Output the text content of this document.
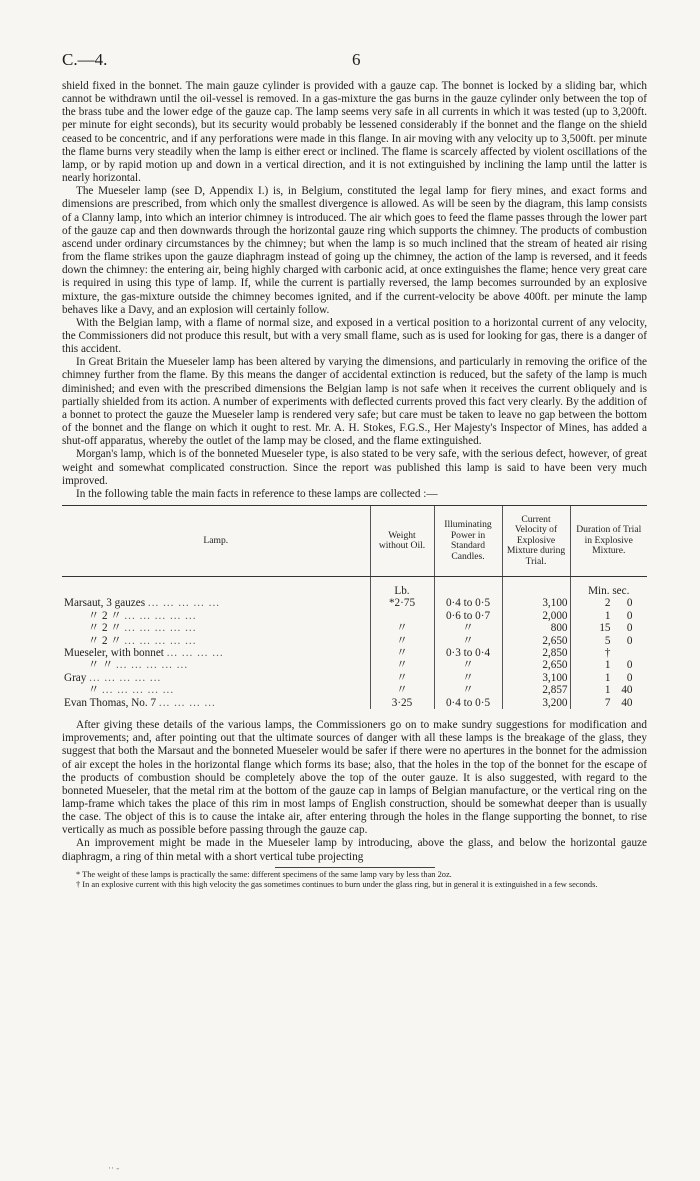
C.—4.	6

shield fixed in the bonnet. The main gauze cylinder is provided with a gauze cap. The bonnet is locked by a sliding bar, which cannot be withdrawn until the oil-vessel is removed. In a gas-mixture the gas burns in the gauze cylinder only between the top of the brass tube and the lower edge of the gauze cap. The lamp seems very safe in all currents in which it was tested (up to 3,200ft. per minute for eight seconds), but its security would probably be lessened considerably if the bonnet and the flange on the shield ceased to be concentric, and if any perforations were made in this flange. In air moving with any velocity up to 3,500ft. per minute the flame burns very steadily when the lamp is either erect or inclined. The flame is scarcely affected by violent oscillations of the lamp, or by rapid motion up and down in a vertical direction, and it is not extinguished by inclining the lamp until the latter is nearly horizontal.

The Mueseler lamp (see D, Appendix I.) is, in Belgium, constituted the legal lamp for fiery mines, and exact forms and dimensions are prescribed, from which only the smallest divergence is allowed. As will be seen by the diagram, this lamp consists of a Clanny lamp, into which an interior chimney is introduced. The air which goes to feed the flame passes through the lower part of the gauze cap and then downwards through the horizontal gauze ring which supports the chimney. The products of combustion ascend under ordinary circumstances by the chimney; but when the lamp is so much inclined that the stream of heated air rising from the flame strikes upon the gauze diaphragm instead of going up the chimney, the action of the lamp is reversed, and it feeds down the chimney: the entering air, being highly charged with carbonic acid, at once extinguishes the flame; hence very great care is required in using this type of lamp. If, while the current is partially reversed, the lamp becomes surrounded by an explosive mixture, the gas-mixture outside the chimney becomes ignited, and if the current-velocity be above 400ft. per minute the lamp behaves like a Davy, and an explosion will certainly follow.

With the Belgian lamp, with a flame of normal size, and exposed in a vertical position to a horizontal current of any velocity, the Commissioners did not produce this result, but with a very small flame, such as is used for looking for gas, there is a danger of this accident.

In Great Britain the Mueseler lamp has been altered by varying the dimensions, and particularly in removing the orifice of the chimney further from the flame. By this means the danger of accidental extinction is reduced, but the safety of the lamp is much diminished; and even with the prescribed dimensions the Belgian lamp is not safe when it receives the current obliquely and is partially shielded from its action. A number of experiments with deflected currents proved this fact very clearly. By the addition of a bonnet to protect the gauze the Mueseler lamp is rendered very safe; but care must be taken to leave no gap between the bottom of the bonnet and the flange on which it ought to rest. Mr. A. H. Stokes, F.G.S., Her Majesty's Inspector of Mines, has added a shut-off apparatus, whereby the outlet of the lamp may be closed, and the flame extinguished.

Morgan's lamp, which is of the bonneted Mueseler type, is also stated to be very safe, with the serious defect, however, of great weight and somewhat complicated construction. Since the report was published this lamp is said to have been very much improved.

In the following table the main facts in reference to these lamps are collected :—

Lamp.	Weight without Oil.	Illuminating Power in Standard Candles.	Current Velocity of Explosive Mixture during Trial.	Duration of Trial in Explosive Mixture.
	Lb.			Min. sec.
Marsaut, 3 gauzes ... ... ... ... ...	*2·75	0·4 to 0·5	3,100	2 0
〃 2 〃 ... ... ... ... ...		0·6 to 0·7	2,000	1 0
〃 2 〃 ... ... ... ... ...	〃	〃	800	15 0
〃 2 〃 ... ... ... ... ...	〃	〃	2,650	5 0
Mueseler, with bonnet ... ... ... ...	〃	0·3 to 0·4	2,850	†
〃 〃 ... ... ... ... ...	〃	〃	2,650	1 0
Gray ... ... ... ... ...	〃	〃	3,100	1 0
〃 ... ... ... ... ...	〃	〃	2,857	1 40
Evan Thomas, No. 7 ... ... ... ...	3·25	0·4 to 0·5	3,200	7 40

After giving these details of the various lamps, the Commissioners go on to make sundry suggestions for modification and improvements; and, after pointing out that the ultimate sources of danger with all these lamps is the breakage of the glass, they suggest that both the Marsaut and the bonneted Mueseler would be safer if there were no apertures in the bonnet for the admission of air except the holes in the horizontal flange which forms its base; also, that the holes in the top of the bonnet for the escape of the products of combustion should be completely above the top of the outer gauze. It is also suggested, with regard to the bonneted Mueseler, that the metal rim at the bottom of the gauze cap in lamps of Belgian manufacture, or the vertical ring on the lamp-frame which takes the place of this rim in most lamps of English construction, should be somewhat deeper than is usually the case. The object of this is to cause the intake air, after entering through the holes in the flange supporting the bonnet, to rise vertically as much as possible before passing through the gauze cap.

An improvement might be made in the Mueseler lamp by introducing, above the glass, and below the horizontal gauze diaphragm, a ring of thin metal with a short vertical tube projecting

* The weight of these lamps is practically the same: different specimens of the same lamp vary by less than 2oz.

† In an explosive current with this high velocity the gas sometimes continues to burn under the glass ring, but in general it is extinguished in a few seconds.

·· ‑
